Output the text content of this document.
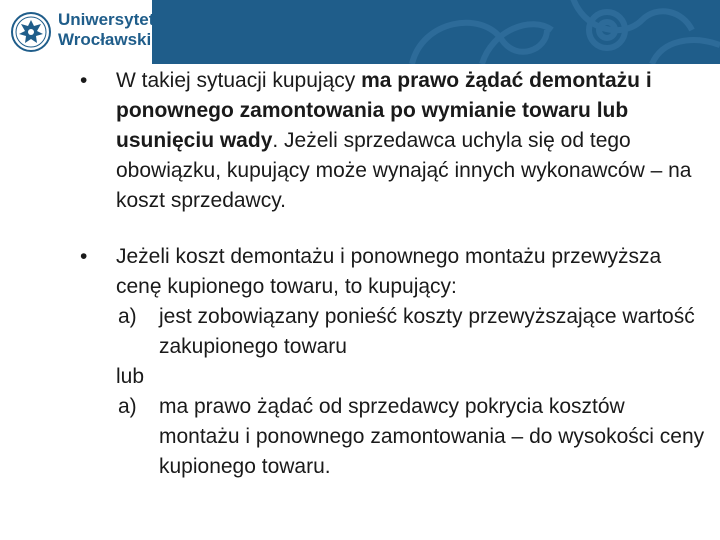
Uniwersytet
Wrocławski

• W takiej sytuacji kupujący ma prawo żądać demontażu i ponownego zamontowania po wymianie towaru lub usunięciu wady. Jeżeli sprzedawca uchyla się od tego obowiązku, kupujący może wynająć innych wykonawców – na koszt sprzedawcy.

• Jeżeli koszt demontażu i ponownego montażu przewyższa cenę kupionego towaru, to kupujący:

a) jest zobowiązany ponieść koszty przewyższające wartość zakupionego towaru
lub
a) ma prawo żądać od sprzedawcy pokrycia kosztów montażu i ponownego zamontowania – do wysokości ceny kupionego towaru.
